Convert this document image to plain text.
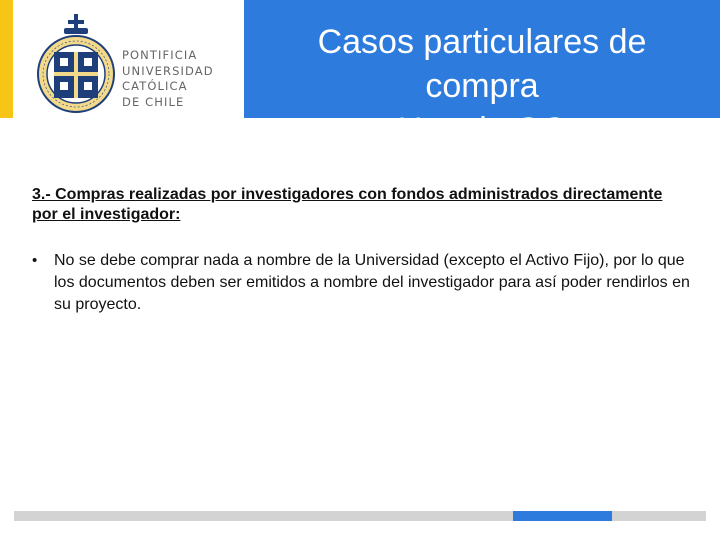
PONTIFICIA
UNIVERSIDAD
CATÓLICA
DE CHILE
Casos particulares de
compra
Uso de OC
3.- Compras realizadas por investigadores con fondos administrados directamente por el investigador:
•	No se debe comprar nada a nombre de la Universidad (excepto el Activo Fijo), por lo que los documentos deben ser emitidos a nombre del investigador para así poder rendirlos en su proyecto.
